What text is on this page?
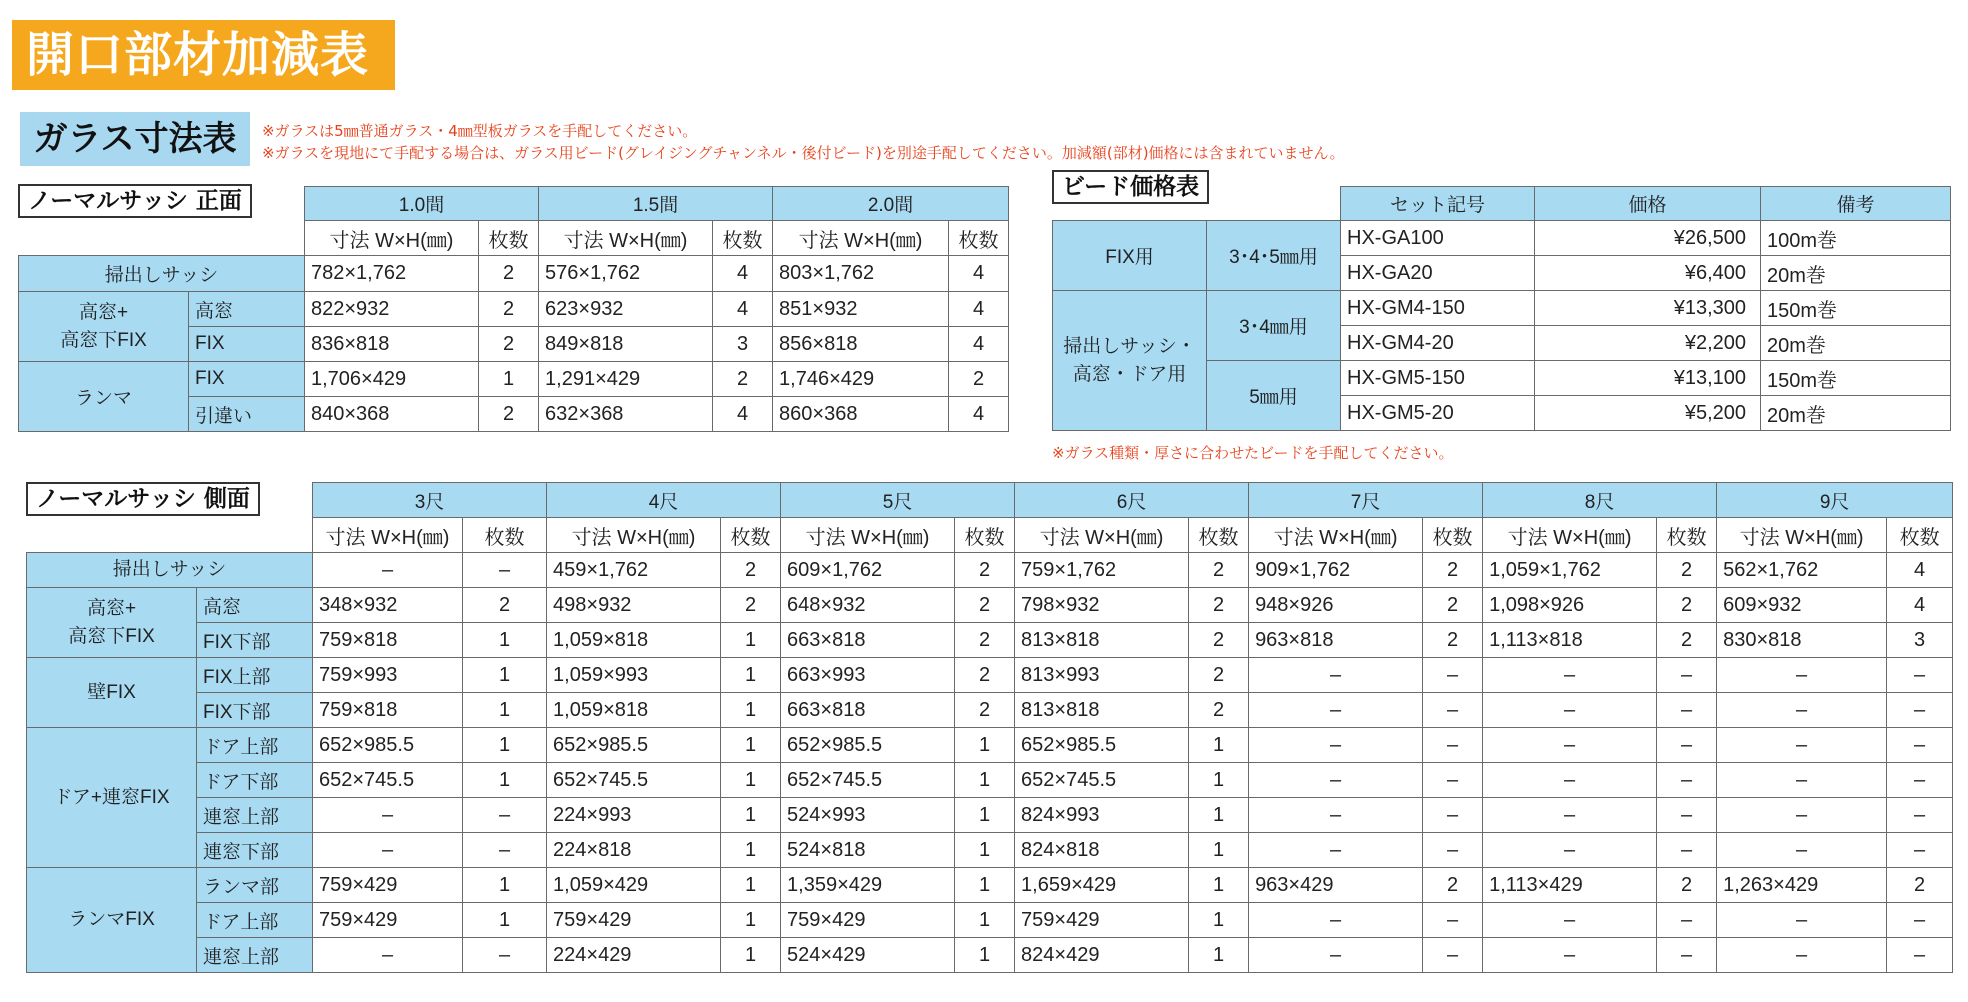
開口部材加減表
ガラス寸法表	※ガラスは5㎜普通ガラス・4㎜型板ガラスを手配してください。
※ガラスを現地にて手配する場合は、ガラス用ビード(グレイジングチャンネル・後付ビード)を別途手配してください。加減額(部材)価格には含まれていません。
ノーマルサッシ 正面
		1.0間		1.5間		2.0間	
		寸法 W×H(㎜)	枚数	寸法 W×H(㎜)	枚数	寸法 W×H(㎜)	枚数
掃出しサッシ		782×1,762	2	576×1,762	4	803×1,762	4
高窓+
高窓下FIX	高窓	822×932	2	623×932	4	851×932	4
	FIX	836×818	2	849×818	3	856×818	4
ランマ	FIX	1,706×429	1	1,291×429	2	1,746×429	2
	引違い	840×368	2	632×368	4	860×368	4
ビード価格表
		セット記号	価格	備考
FIX用	3･4･5㎜用	HX-GA100	¥26,500	100m巻
		HX-GA20	¥6,400	20m巻
掃出しサッシ・
高窓・ドア用	3･4㎜用	HX-GM4-150	¥13,300	150m巻
		HX-GM4-20	¥2,200	20m巻
	5㎜用	HX-GM5-150	¥13,100	150m巻
		HX-GM5-20	¥5,200	20m巻
※ガラス種類・厚さに合わせたビードを手配してください。
ノーマルサッシ 側面
		3尺		4尺		5尺		6尺		7尺		8尺		9尺	
		寸法 W×H(㎜)	枚数	寸法 W×H(㎜)	枚数	寸法 W×H(㎜)	枚数	寸法 W×H(㎜)	枚数	寸法 W×H(㎜)	枚数	寸法 W×H(㎜)	枚数	寸法 W×H(㎜)	枚数
掃出しサッシ		–	–	459×1,762	2	609×1,762	2	759×1,762	2	909×1,762	2	1,059×1,762	2	562×1,762	4
高窓+
高窓下FIX	高窓	348×932	2	498×932	2	648×932	2	798×932	2	948×926	2	1,098×926	2	609×932	4
	FIX下部	759×818	1	1,059×818	1	663×818	2	813×818	2	963×818	2	1,113×818	2	830×818	3
壁FIX	FIX上部	759×993	1	1,059×993	1	663×993	2	813×993	2	–	–	–	–	–	–
	FIX下部	759×818	1	1,059×818	1	663×818	2	813×818	2	–	–	–	–	–	–
ドア+連窓FIX	ドア上部	652×985.5	1	652×985.5	1	652×985.5	1	652×985.5	1	–	–	–	–	–	–
	ドア下部	652×745.5	1	652×745.5	1	652×745.5	1	652×745.5	1	–	–	–	–	–	–
	連窓上部	–	–	224×993	1	524×993	1	824×993	1	–	–	–	–	–	–
	連窓下部	–	–	224×818	1	524×818	1	824×818	1	–	–	–	–	–	–
ランマFIX	ランマ部	759×429	1	1,059×429	1	1,359×429	1	1,659×429	1	963×429	2	1,113×429	2	1,263×429	2
	ドア上部	759×429	1	759×429	1	759×429	1	759×429	1	–	–	–	–	–	–
	連窓上部	–	–	224×429	1	524×429	1	824×429	1	–	–	–	–	–	–
